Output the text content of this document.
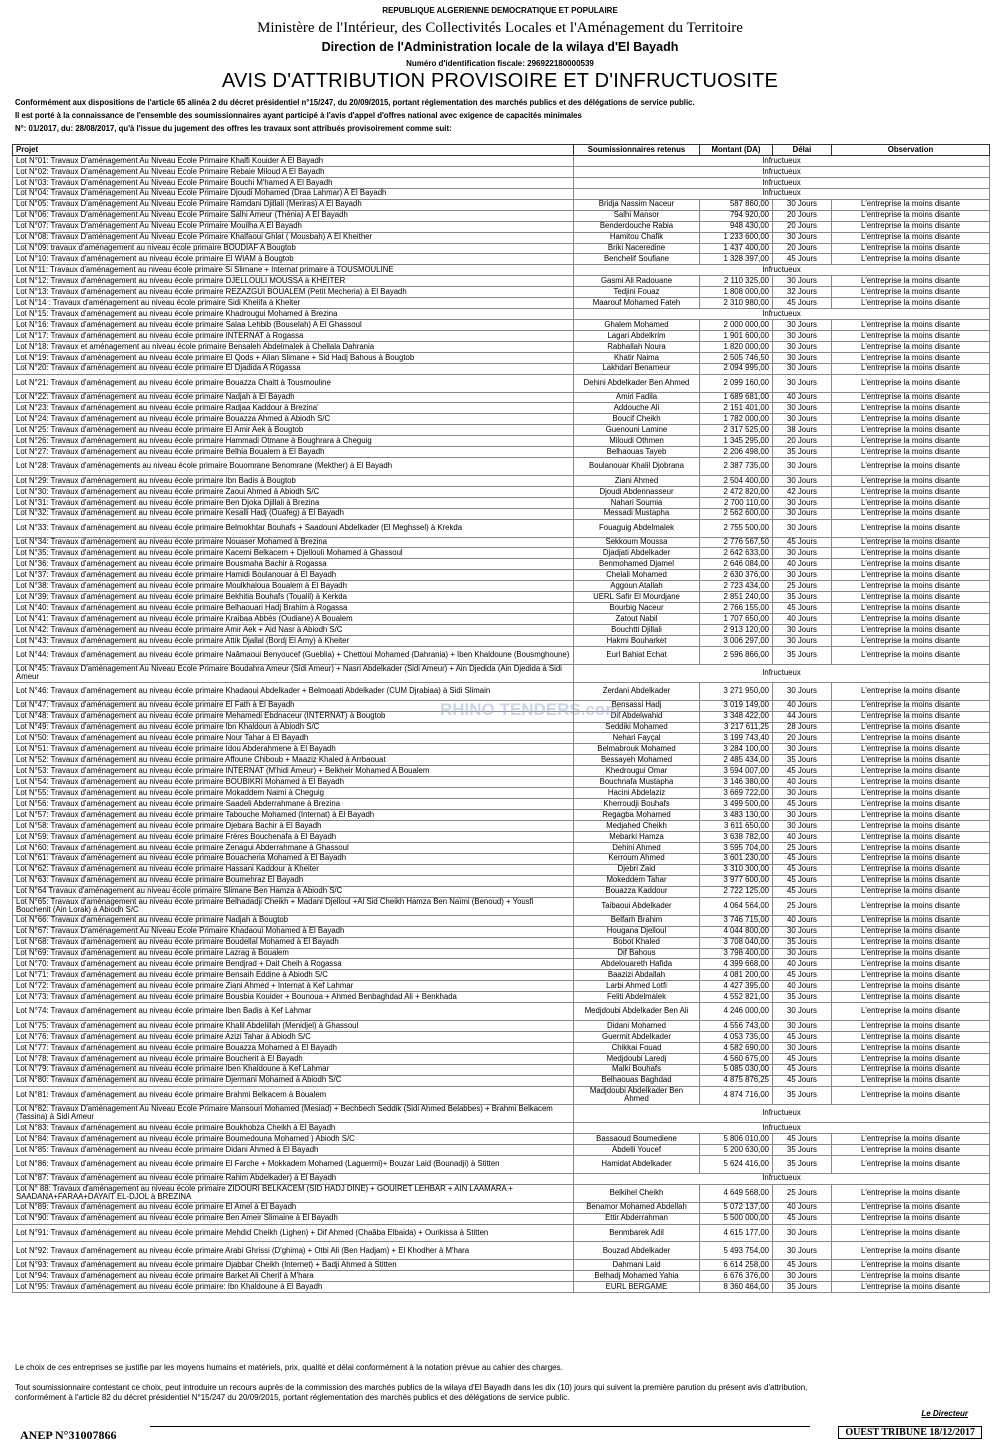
REPUBLIQUE ALGERIENNE DEMOCRATIQUE ET POPULAIRE
Ministère de l'Intérieur, des Collectivités Locales et l'Aménagement du Territoire
Direction de l'Administration locale de la wilaya d'El Bayadh
Numéro d'identification fiscale: 296922180000539
AVIS D'ATTRIBUTION PROVISOIRE ET D'INFRUCTUOSITE
Conformément aux dispositions de l'article 65 alinéa 2 du décret présidentiel n°15/247, du 20/09/2015, portant réglementation des marchés publics et des délégations de service public.
Il est porté à la connaissance de l'ensemble des soumissionnaires ayant participé à l'avis d'appel d'offres national avec exigence de capacités minimales
N°: 01/2017, du: 28/08/2017, qu'à l'issue du jugement des offres les travaux sont attribués provisoirement comme suit:
Projet	Soumissionnaires retenus	Montant (DA)	Délai	Observation
Lot N°01: Travaux D'aménagement Au Niveau Ecole Primaire Khalfi Kouider A El Bayadh	Infructueux			
Lot N°02: Travaux D'aménagement Au Niveau Ecole Primaire Rebaie Miloud A El Bayadh	Infructueux			
Lot N°03: Travaux D'aménagement Au Niveau Ecole Primaire Bouchi M'hamed A El Bayadh	Infructueux			
Lot N°04: Travaux D'aménagement Au Niveau Ecole Primaire Djoudi Mohamed (Draa Lahmar) A El Bayadh	Infructueux			
Lot N°05: Travaux D'aménagement Au Niveau Ecole Primaire Ramdani Djillali (Meriras) A El Bayadh	Bridja Nassim Naceur	587 860,00	30 Jours	L'entreprise la moins disante
Lot N°06: Travaux D'aménagement Au Niveau Ecole Primaire Salhi Ameur (Thénia) A El Bayadh	Salhi Mansor	794 920,00	20 Jours	L'entreprise la moins disante
Lot N°07: Travaux D'aménagement Au Niveau Ecole Primaire Mouilha A El Bayadh	Benderdouche Rabia	948 430,00	20 Jours	L'entreprise la moins disante
Lot N°08: Travaux D'aménagement Au Niveau Ecole Primaire Khalfaoui Ghlat ( Mousbah) A El Kheither	Hamitou Chafik	1 233 600,00	30 Jours	L'entreprise la moins disante
Lot N°09: travaux d'aménagement au niveau école primaire BOUDIAF A Bougtob	Briki Naceredine	1 437 400,00	20 Jours	L'entreprise la moins disante
Lot N°10: Travaux d'aménagement au niveau école primaire El WIAM à Bougtob	Benchelif Soufiane	1 328 397,00	45 Jours	L'entreprise la moins disante
Lot N°11: Travaux d'aménagement au niveau école primaire Si Slimane + Internat primaire à TOUSMOULINE	Infructueux			
Lot N°12: Travaux d'aménagement au niveau école primaire DJELLOULI MOUSSA à KHEITER	Gasmi Ali Radouane	2 110 325,00	30 Jours	L'entreprise la moins disante
Lot N°13: Travaux d'aménagement au niveau école primaire REZAZGUI BOUALEM (Petit Mecheria) à El Bayadh	Tedjini Fouaz	1 808 000,00	32 Jours	L'entreprise la moins disante
Lot N°14 : Travaux d'aménagement au niveau école primaire Sidi Khelifa à Kheiter	Maarouf Mohamed Fateh	2 310 980,00	45 Jours	L'entreprise la moins disante
Lot N°15: Travaux d'aménagement au niveau école primaire Khadrougui Mohamed à Brezina	Infructueux			
Lot N°16: Travaux d'aménagement au niveau école primaire Salaa Lehbib (Bouselah) A El Ghassoul	Ghalem Mohamed	2 000 000,00	30 Jours	L'entreprise la moins disante
Lot N°17: Travaux d'aménagement au niveau école primaire INTERNAT à Rogassa	Lagari Abdelkrim	1 901 600,00	30 Jours	L'entreprise la moins disante
Lot N°18: Travaux et aménagement au niveau école primaire Bensaleh Abdelmalek à Chellala Dahrania	Rabhallah Noura	1 820 000,00	30 Jours	L'entreprise la moins disante
Lot N°19: Travaux d'aménagement au niveau école primaire El Qods + Alian Slimane + Sid Hadj Bahous à Bougtob	Khatir Naima	2 505 746,50	30 Jours	L'entreprise la moins disante
Lot N°20: Travaux d'aménagement au niveau école primaire El Djadida A Rogassa	Lakhdari Benameur	2 094 995,00	30 Jours	L'entreprise la moins disante
Lot N°21: Travaux d'aménagement au niveau école primaire Bouazza Chaitt à Tousmouline	Dehini Abdelkader Ben Ahmed	2 099 160,00	30 Jours	L'entreprise la moins disante
Lot N°22: Travaux d'aménagement au niveau école primaire Nadjah à El Bayadh	Amiri Fadila	1 689 681,00	40 Jours	L'entreprise la moins disante
Lot N°23: Travaux d'aménagement au niveau école primaire Radjaa Kaddour à Brezina'	Addouche Ali	2 151 401,00	30 Jours	L'entreprise la moins disante
Lot N°24: Travaux d'aménagement au niveau école primaire Bouazza Ahmed à Abiodh S/C	Boucif Cheikh	1 782 000,00	30 Jours	L'entreprise la moins disante
Lot N°25: Travaux d'aménagement au niveau école primaire El Amir Aek à Bougtob	Guenouni Lamine	2 317 525,00	38 Jours	L'entreprise la moins disante
Lot N°26: Travaux d'aménagement au niveau école primaire Hammadi Otmane à Boughrara à Cheguig	Miloudi Othmen	1 345 295,00	20 Jours	L'entreprise la moins disante
Lot N°27: Travaux d'aménagement au niveau école primaire Belhia Boualem à El Bayadh	Belhaouas Tayeb	2 206 498,00	35 Jours	L'entreprise la moins disante
Lot N°28: Travaux d'aménagements au niveau école primaire Bouomrane Benomrane (Mekther) à El Bayadh	Boulanouar Khalil Djobrana	2 387 735,00	30 Jours	L'entreprise la moins disante
Lot N°29: Travaux d'aménagement au niveau école primaire Ibn Badis à Bougtob	Ziani Ahmed	2 504 400,00	30 Jours	L'entreprise la moins disante
Lot N°30: Travaux d'aménagement au niveau école primaire Zaoui Ahmed à Abiodh S/C	Djoudi Abdennasseur	2 472 820,00	42 Jours	L'entreprise la moins disante
Lot N°31: Travaux d'aménagement au niveau école primaire Ben Djoka Djillali à Brezina	Nahari Soumia	2 700 110,00	30 Jours	L'entreprise la moins disante
Lot N°32: Travaux d'aménagement au niveau école primaire Kesalli Hadj (Ouafeg) à El Bayadh	Messadi Mustapha	2 562 600,00	30 Jours	L'entreprise la moins disante
Lot N°33: Travaux d'aménagement au niveau école primaire Belmokhtar Bouhafs + Saadouni Abdelkader (El Meghssel) à Krekda	Fouaguig Abdelmalek	2 755 500,00	30 Jours	L'entreprise la moins disante
Lot N°34: Travaux d'aménagement au niveau école primaire Nouaser Mohamed à Brezina	Sekkoum Moussa	2 776 567,50	45 Jours	L'entreprise la moins disante
Lot N°35: Travaux d'aménagement au niveau école primaire Kacemi Belkacem + Djellouli Mohamed à Ghassoul	Djadjati Abdelkader	2 642 633,00	30 Jours	L'entreprise la moins disante
Lot N°36: Travaux d'aménagement au niveau école primaire Bousmaha Bachir à Rogassa	Benmohamed Djamel	2 646 084,00	40 Jours	L'entreprise la moins disante
Lot N°37: Travaux d'aménagement au niveau école primaire Hamidi Boulanouar à El Bayadh	Chelali Mohamed	2 630 376,00	30 Jours	L'entreprise la moins disante
Lot N°38: Travaux d'aménagement au niveau école primaire Moulkhaloua Boualem à El Bayadh	Aggoun Atallah	2 723 434,00	25 Jours	L'entreprise la moins disante
Lot N°39: Travaux d'aménagement au niveau école primaire Bekhitia Bouhafs (Toualil) à Kerkda	UERL Safir El Mourdjane	2 851 240,00	35 Jours	L'entreprise la moins disante
Lot N°40: Travaux d'aménagement au niveau école primaire Belhaouari Hadj Brahim à Rogassa	Bourbig Naceur	2 766 155,00	45 Jours	L'entreprise la moins disante
Lot N°41: Travaux d'aménagement au niveau école primaire Kraibaa Abbès (Oudiane) A Boualem	Zatout Nabil	1 707 650,00	40 Jours	L'entreprise la moins disante
Lot N°42: Travaux d'aménagement au niveau école primaire Amir Aek + Aid Nasr à Abiodh S/C	Bouchtti Djillali	2 913 120,00	30 Jours	L'entreprise la moins disante
Lot N°43: Travaux d'aménagement au niveau école primaire Attik Djallal (Bordj El Amy) à Kheiter	Hakmi Bouharket	3 006 297,00	30 Jours	L'entreprise la moins disante
Lot N°44: Travaux d'aménagement au niveau école primaire Naâmaoui Benyoucef (Gueblia) + Chettoui Mohamed (Dahrania) + Iben Khaldoune (Bousmghoune)	Eurl Bahiat Echat	2 596 866,00	35 Jours	L'entreprise la moins disante
Lot N°45: Travaux D'aménagement Au Niveau Ecole Primaire Boudahra Ameur (Sidi Ameur) + Nasri Abdelkader (Sidi Ameur) + Ain Djedida (Ain Djedida à Sidi Ameur	Infructueux			
Lot N°46: Travaux d'aménagement au niveau école primaire Khadaoui Abdelkader + Belmoaati Abdelkader (CUM Djrabiaa) à Sidi Slimain	Zerdani Abdelkader	3 271 950,00	30 Jours	L'entreprise la moins disante
Lot N°47: Travaux d'aménagement au niveau école primaire El Fath à El Bayadh	Bensassi Hadj	3 019 149,00	40 Jours	L'entreprise la moins disante
Lot N°48: Travaux d'aménagement au niveau école primaire Mehamedi Ebdnaceur (INTERNAT) à Bougtob	Dif Abdelwahid	3 348 422,00	44 Jours	L'entreprise la moins disante
Lot N°49: Travaux d'aménagement au niveau école primaire Ibn Khaldoun à Abiodh S/C	Seddiki Mohamed	3 217 611,25	28 Jours	L'entreprise la moins disante
Lot N°50: Travaux d'aménagement au niveau école primaire Nour Tahar à El Bayadh	Nehari Fayçal	3 199 743,40	20 Jours	L'entreprise la moins disante
Lot N°51: Travaux d'aménagement au niveau école primaire Idou Abderahmene à El Bayadh	Belmabrouk Mohamed	3 284 100,00	30 Jours	L'entreprise la moins disante
Lot N°52: Travaux d'aménagement au niveau école primaire Affoune Chiboub + Maaziz Khaled à Arrbaouat	Bessayeh Mohamed	2 485 434,00	35 Jours	L'entreprise la moins disante
Lot N°53: Travaux d'aménagement au niveau école primaire INTERNAT (M'hidi Ameur) + Belkheir Mohamed A Boualem	Khedrougui Omar	3 594 007,00	45 Jours	L'entreprise la moins disante
Lot N°54: Travaux d'aménagement au niveau école primaire BOUBIKRI Mohamed à El Bayadh	Bouchnafa Mustapha	3 146 380,00	40 Jours	L'entreprise la moins disante
Lot N°55: Travaux d'aménagement au niveau école primaire Mokaddem Naimi à Cheguig	Hacini Abdelaziz	3 669 722,00	30 Jours	L'entreprise la moins disante
Lot N°56: Travaux d'aménagement au niveau école primaire Saadeli Abderrahmane à Brezina	Kherroudji Bouhafs	3 499 500,00	45 Jours	L'entreprise la moins disante
Lot N°57: Travaux d'aménagement au niveau école primaire Tabouche Mohamed (Internat) à El Bayadh	Regagba Mohamed	3 483 130,00	30 Jours	L'entreprise la moins disante
Lot N°58: Travaux d'aménagement au niveau école primaire Djebara Bachir à El Bayadh	Medjahed Cheikh	3 611 650,00	30 Jours	L'entreprise la moins disante
Lot N°59: Travaux d'aménagement au niveau école primaire Frères Bouchenafa à El Bayadh	Mebarki Hamza	3 638 782,00	40 Jours	L'entreprise la moins disante
Lot N°60: Travaux d'aménagement au niveau école primaire Zenagui Abderrahmane à Ghassoul	Dehini Ahmed	3 595 704,00	25 Jours	L'entreprise la moins disante
Lot N°61: Travaux d'aménagement au niveau école primaire Bouacheria Mohamed à El Bayadh	Kerroum Ahmed	3 601 230,00	45 Jours	L'entreprise la moins disante
Lot N°62: Travaux d'aménagement au niveau école primaire Hassani Kaddour à Kheiter	Djebri Zaid	3 310 300,00	45 Jours	L'entreprise la moins disante
Lot N°63: Travaux d'aménagement au niveau école primaire Boumehraz El Bayadh	Mokeddem Tahar	3 977 600,00	45 Jours	L'entreprise la moins disante
Lot N°64 Travaux d'aménagement au niveau école primaire Slimane Ben Hamza à Abiodh S/C	Bouazza Kaddour	2 722 125,00	45 Jours	L'entreprise la moins disante
Lot N°65: Travaux d'aménagement au niveau école primaire Belhadadji Cheikh + Madani Djelloul +Al Sid Cheikh Hamza Ben Naïmi (Benoud) + Yousfi Bouchenit (Ain Lorak) à Abiodh S/C	Taibaoui Abdelkader	4 064 564,00	25 Jours	L'entreprise la moins disante
Lot N°66: Travaux d'aménagement au niveau école primaire Nadjah à Bougtob	Belfarh Brahim	3 746 715,00	40 Jours	L'entreprise la moins disante
Lot N°67: Travaux D'aménagement Au Niveau Ecole Primaire Khadaoui Mohamed à El Bayadh	Hougana Djelloul	4 044 800,00	30 Jours	L'entreprise la moins disante
Lot N°68: Travaux d'aménagement au niveau école primaire Boudellal Mohamed à El Bayadh	Bobot Khaled	3 708 040,00	35 Jours	L'entreprise la moins disante
Lot N°69: Travaux d'aménagement au niveau école primaire Lazrag à Boualem	Dif Bahous	3 798 400,00	30 Jours	L'entreprise la moins disante
Lot N°70: Travaux d'aménagement au niveau école primaire Bendjrad + Dait Cheih à Rogassa	Abdelouareth Hafida	4 399 668,00	40 Jours	L'entreprise la moins disante
Lot N°71: Travaux d'aménagement au niveau école primaire Bensaih Eddine à Abiodh S/C	Baazizi Abdallah	4 081 200,00	45 Jours	L'entreprise la moins disante
Lot N°72: Travaux d'aménagement au niveau école primaire Ziani Ahmed + Internat à Kef Lahmar	Larbi Ahmed Lotfi	4 427 395,00	40 Jours	L'entreprise la moins disante
Lot N°73: Travaux d'aménagement au niveau école primaire Bousbia Kouider + Bounoua + Ahmed Benbaghdad Ali + Benkhada	Feliti Abdelmalek	4 552 821,00	35 Jours	L'entreprise la moins disante
Lot N°74: Travaux d'aménagement au niveau école primaire Iben Badis à Kef Lahmar	Medjdoubi Abdelkader Ben Ali	4 246 000,00	30 Jours	L'entreprise la moins disante
Lot N°75: Travaux d'aménagement au niveau école primaire Khalil Abdelillah (Menidjel) à Ghassoul	Didani Mohamed	4 556 743,00	30 Jours	L'entreprise la moins disante
Lot N°76: Travaux d'aménagement au niveau école primaire Azizi Tahar à Abiodh S/C	Guermit Abdelkader	4 053 735,00	45 Jours	L'entreprise la moins disante
Lot N°77: Travaux d'aménagement au niveau école primaire Bouazza Mohamed à El Bayadh	Chikkai Fouad	4 582 690,00	30 Jours	L'entreprise la moins disante
Lot N°78: Travaux d'aménagement au niveau école primaire Boucherit à El Bayadh	Medjdoubi Laredj	4 560 675,00	45 Jours	L'entreprise la moins disante
Lot N°79: Travaux d'aménagement au niveau école primaire Iben Khaldoune à Kef Lahmar	Malki Bouhafs	5 085 030,00	45 Jours	L'entreprise la moins disante
Lot N°80: Travaux d'aménagement au niveau école primaire Djermani Mohamed à Abiodh S/C	Belhaouas Baghdad	4 875 876,25	45 Jours	L'entreprise la moins disante
Lot N°81: Travaux d'aménagement au niveau école primaire Brahmi Belkacem à Boualem	Madjdoubi Abdelkader Ben Ahmed	4 874 716,00	35 Jours	L'entreprise la moins disante
Lot N°82: Travaux D'aménagement Au Niveau Ecole Primaire Mansouri Mohamed (Mesiad) + Bechbech Seddik (Sidi Ahmed Belabbes) + Brahmi Belkacem (Tassina) à Sidi Ameur	Infructueux			
Lot N°83: Travaux d'aménagement au niveau école primaire Boukhobza Cheikh à El Bayadh	Infructueux			
Lot N°84: Travaux d'aménagement au niveau école primaire Boumedouna Mohamed ) Abiodh S/C	Bassaoud Boumediene	5 806 010,00	45 Jours	L'entreprise la moins disante
Lot N°85: Travaux d'aménagement au niveau école primaire Didani Ahmed à El Bayadh	Abdelli Youcef	5 200 630,00	35 Jours	L'entreprise la moins disante
Lot N°86: Travaux d'aménagement au niveau école primaire El Farche + Mokkadem Mohamed (Laguermi)+ Bouzar Laid (Bounadji) à Stitten	Hamidat Abdelkader	5 624 416,00	35 Jours	L'entreprise la moins disante
Lot N°87: Travaux d'aménagement au niveau école primaire Rahim Abdelkader) à El Bayadh	Infructueux			
Lot N° 88: Travaux d'aménagement au niveau école primaire ZIDOURI BELKACEM (SID HADJ DINE) + GOUIRET LEHBAR + AIN LAAMARA + SAADANA+FARAA+DAYAIT EL-DJOL à BREZINA	Belkihel Cheikh	4 649 568,00	25 Jours	L'entreprise la moins disante
Lot N°89: Travaux d'aménagement au niveau école primaire El Amel à El Bayadh	Benamor Mohamed Abdellah	5 072 137,00	40 Jours	L'entreprise la moins disante
Lot N°90: Travaux d'aménagement au niveau école primaire Ben Ameir Slimaine à El Bayadh	Ettir Abderrahman	5 500 000,00	45 Jours	L'entreprise la moins disante
Lot N°91: Travaux d'aménagement au niveau école primaire Mehdid Cheikh (Lighen) + Dif Ahmed (Chaâba Elbaida) + Ourikissa à Stitten	Benmbarek Adil	4 615 177,00	30 Jours	L'entreprise la moins disante
Lot N°92: Travaux d'aménagement au niveau école primaire Arabi Ghrissi (D'ghima) + Otbi Ali (Ben Hadjam) + El Khodher à M'hara	Bouzad Abdelkader	5 493 754,00	30 Jours	L'entreprise la moins disante
Lot N°93: Travaux d'aménagement au niveau école primaire Djabbar Cheikh (Internet) + Badji Ahmed à Stitten	Dahmani Laid	6 614 258,00	45 Jours	L'entreprise la moins disante
Lot N°94: Travaux d'aménagement au niveau école primaire Barket Ali Cherif à M'hara	Belhadj Mohamed Yahia	6 676 376,00	30 Jours	L'entreprise la moins disante
Lot N°95: Travaux d'aménagement au niveau école primaire: Ibn Khaldoune à El Bayadh	EURL BERGAME	8 360 464,00	35 Jours	L'entreprise la moins disante
Le choix de ces entreprises se justifie par les moyens humains et matériels, prix, qualité et délai conformément à la notation prévue au cahier des charges.
Tout soumissionnaire contestant ce choix, peut introduire un recours auprès de la commission des marchés publics de la wilaya d'El Bayadh dans les dix (10) jours qui suivent la première parution du présent avis d'attribution,
conformément à l'article 82 du décret présidentiel N°15/247 du 20/09/2015, portant réglementation des marchés publics et des délégations de service public.
Le Directeur
ANEP N°31007866	OUEST TRIBUNE 18/12/2017
RHINO TENDERS.com
